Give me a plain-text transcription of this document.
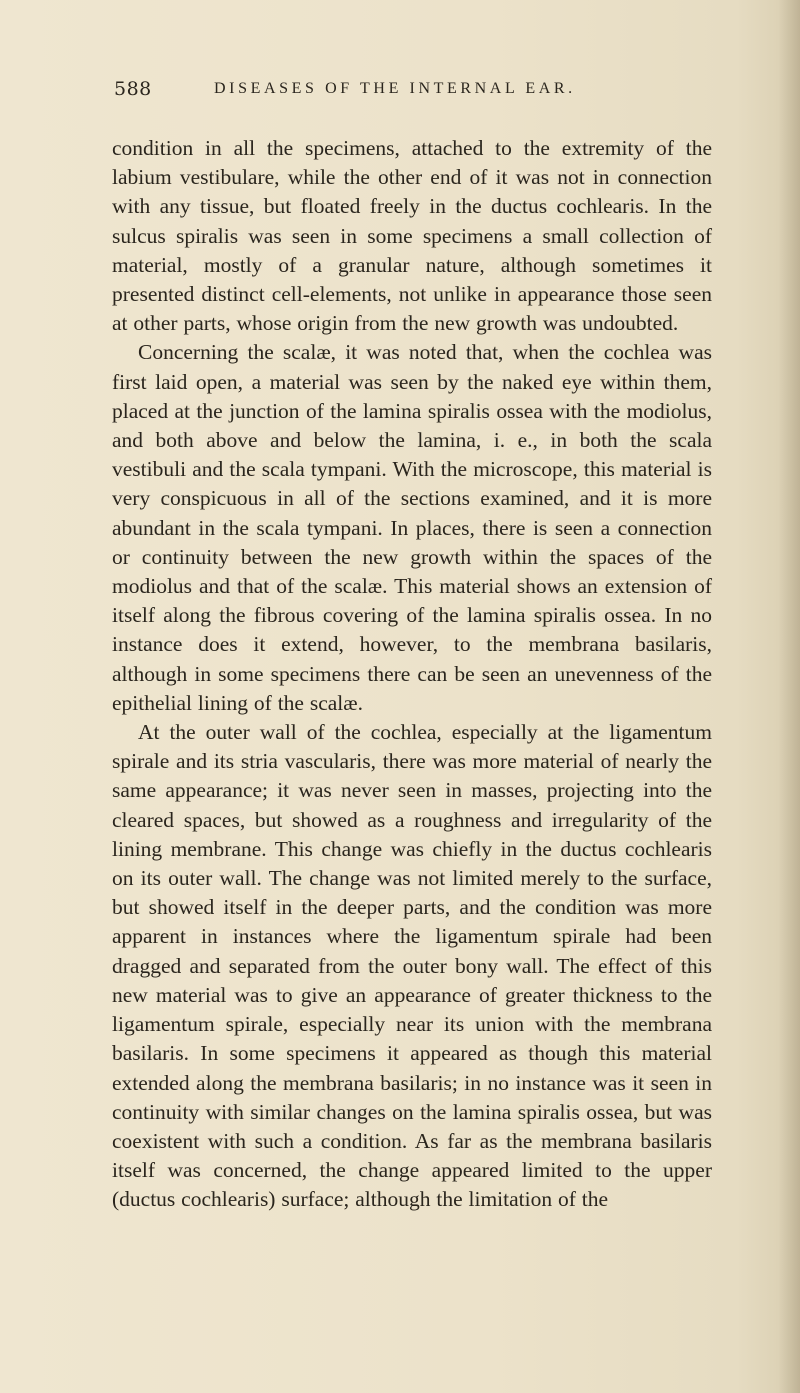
588	DISEASES OF THE INTERNAL EAR.

condition in all the specimens, attached to the extremity of the labium vestibulare, while the other end of it was not in connection with any tissue, but floated freely in the ductus cochlearis. In the sulcus spiralis was seen in some specimens a small collection of material, mostly of a granular nature, although sometimes it presented distinct cell-elements, not unlike in appearance those seen at other parts, whose origin from the new growth was undoubted.

Concerning the scalæ, it was noted that, when the cochlea was first laid open, a material was seen by the naked eye within them, placed at the junction of the lamina spiralis ossea with the modiolus, and both above and below the lamina, i. e., in both the scala vestibuli and the scala tympani. With the microscope, this material is very conspicuous in all of the sections examined, and it is more abundant in the scala tympani. In places, there is seen a connection or continuity between the new growth within the spaces of the modiolus and that of the scalæ. This material shows an extension of itself along the fibrous covering of the lamina spiralis ossea. In no instance does it extend, however, to the membrana basilaris, although in some specimens there can be seen an unevenness of the epithelial lining of the scalæ.

At the outer wall of the cochlea, especially at the ligamentum spirale and its stria vascularis, there was more material of nearly the same appearance; it was never seen in masses, projecting into the cleared spaces, but showed as a roughness and irregularity of the lining membrane. This change was chiefly in the ductus cochlearis on its outer wall. The change was not limited merely to the surface, but showed itself in the deeper parts, and the condition was more apparent in instances where the ligamentum spirale had been dragged and separated from the outer bony wall. The effect of this new material was to give an appearance of greater thickness to the ligamentum spirale, especially near its union with the membrana basilaris. In some specimens it appeared as though this material extended along the membrana basilaris; in no instance was it seen in continuity with similar changes on the lamina spiralis ossea, but was coexistent with such a condition. As far as the membrana basilaris itself was concerned, the change appeared limited to the upper (ductus cochlearis) surface; although the limitation of the
